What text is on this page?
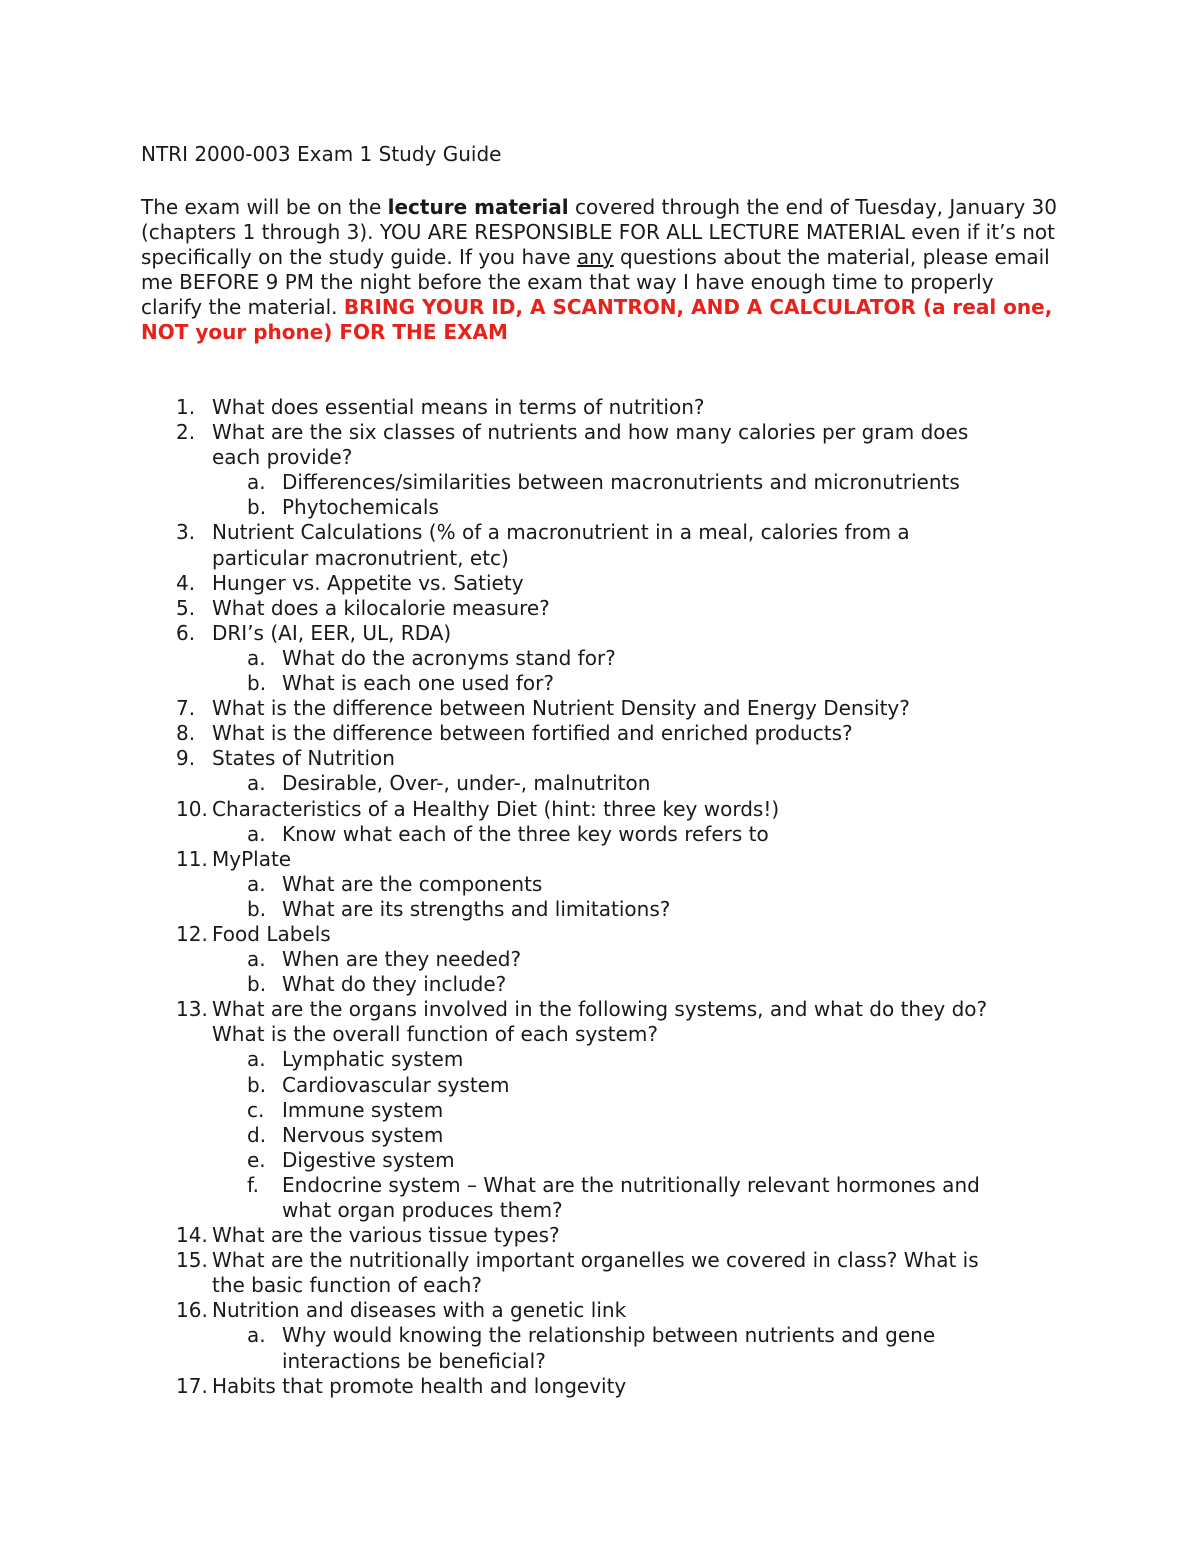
NTRI 2000-003 Exam 1 Study Guide
The exam will be on the lecture material covered through the end of Tuesday, January 30 (chapters 1 through 3). YOU ARE RESPONSIBLE FOR ALL LECTURE MATERIAL even if it’s not specifically on the study guide. If you have any questions about the material, please email me BEFORE 9 PM the night before the exam that way I have enough time to properly clarify the material. BRING YOUR ID, A SCANTRON, AND A CALCULATOR (a real one, NOT your phone) FOR THE EXAM
1. What does essential means in terms of nutrition?
2. What are the six classes of nutrients and how many calories per gram does
each provide?
a. Differences/similarities between macronutrients and micronutrients
b. Phytochemicals
3. Nutrient Calculations (% of a macronutrient in a meal, calories from a
particular macronutrient, etc)
4. Hunger vs. Appetite vs. Satiety
5. What does a kilocalorie measure?
6. DRI’s (AI, EER, UL, RDA)
a. What do the acronyms stand for?
b. What is each one used for?
7. What is the difference between Nutrient Density and Energy Density?
8. What is the difference between fortified and enriched products?
9. States of Nutrition
a. Desirable, Over-, under-, malnutriton
10. Characteristics of a Healthy Diet (hint: three key words!)
a. Know what each of the three key words refers to
11. MyPlate
a. What are the components
b. What are its strengths and limitations?
12. Food Labels
a. When are they needed?
b. What do they include?
13. What are the organs involved in the following systems, and what do they do?
What is the overall function of each system?
a. Lymphatic system
b. Cardiovascular system
c. Immune system
d. Nervous system
e. Digestive system
f. Endocrine system – What are the nutritionally relevant hormones and
what organ produces them?
14. What are the various tissue types?
15. What are the nutritionally important organelles we covered in class? What is
the basic function of each?
16. Nutrition and diseases with a genetic link
a. Why would knowing the relationship between nutrients and gene
interactions be beneficial?
17. Habits that promote health and longevity
